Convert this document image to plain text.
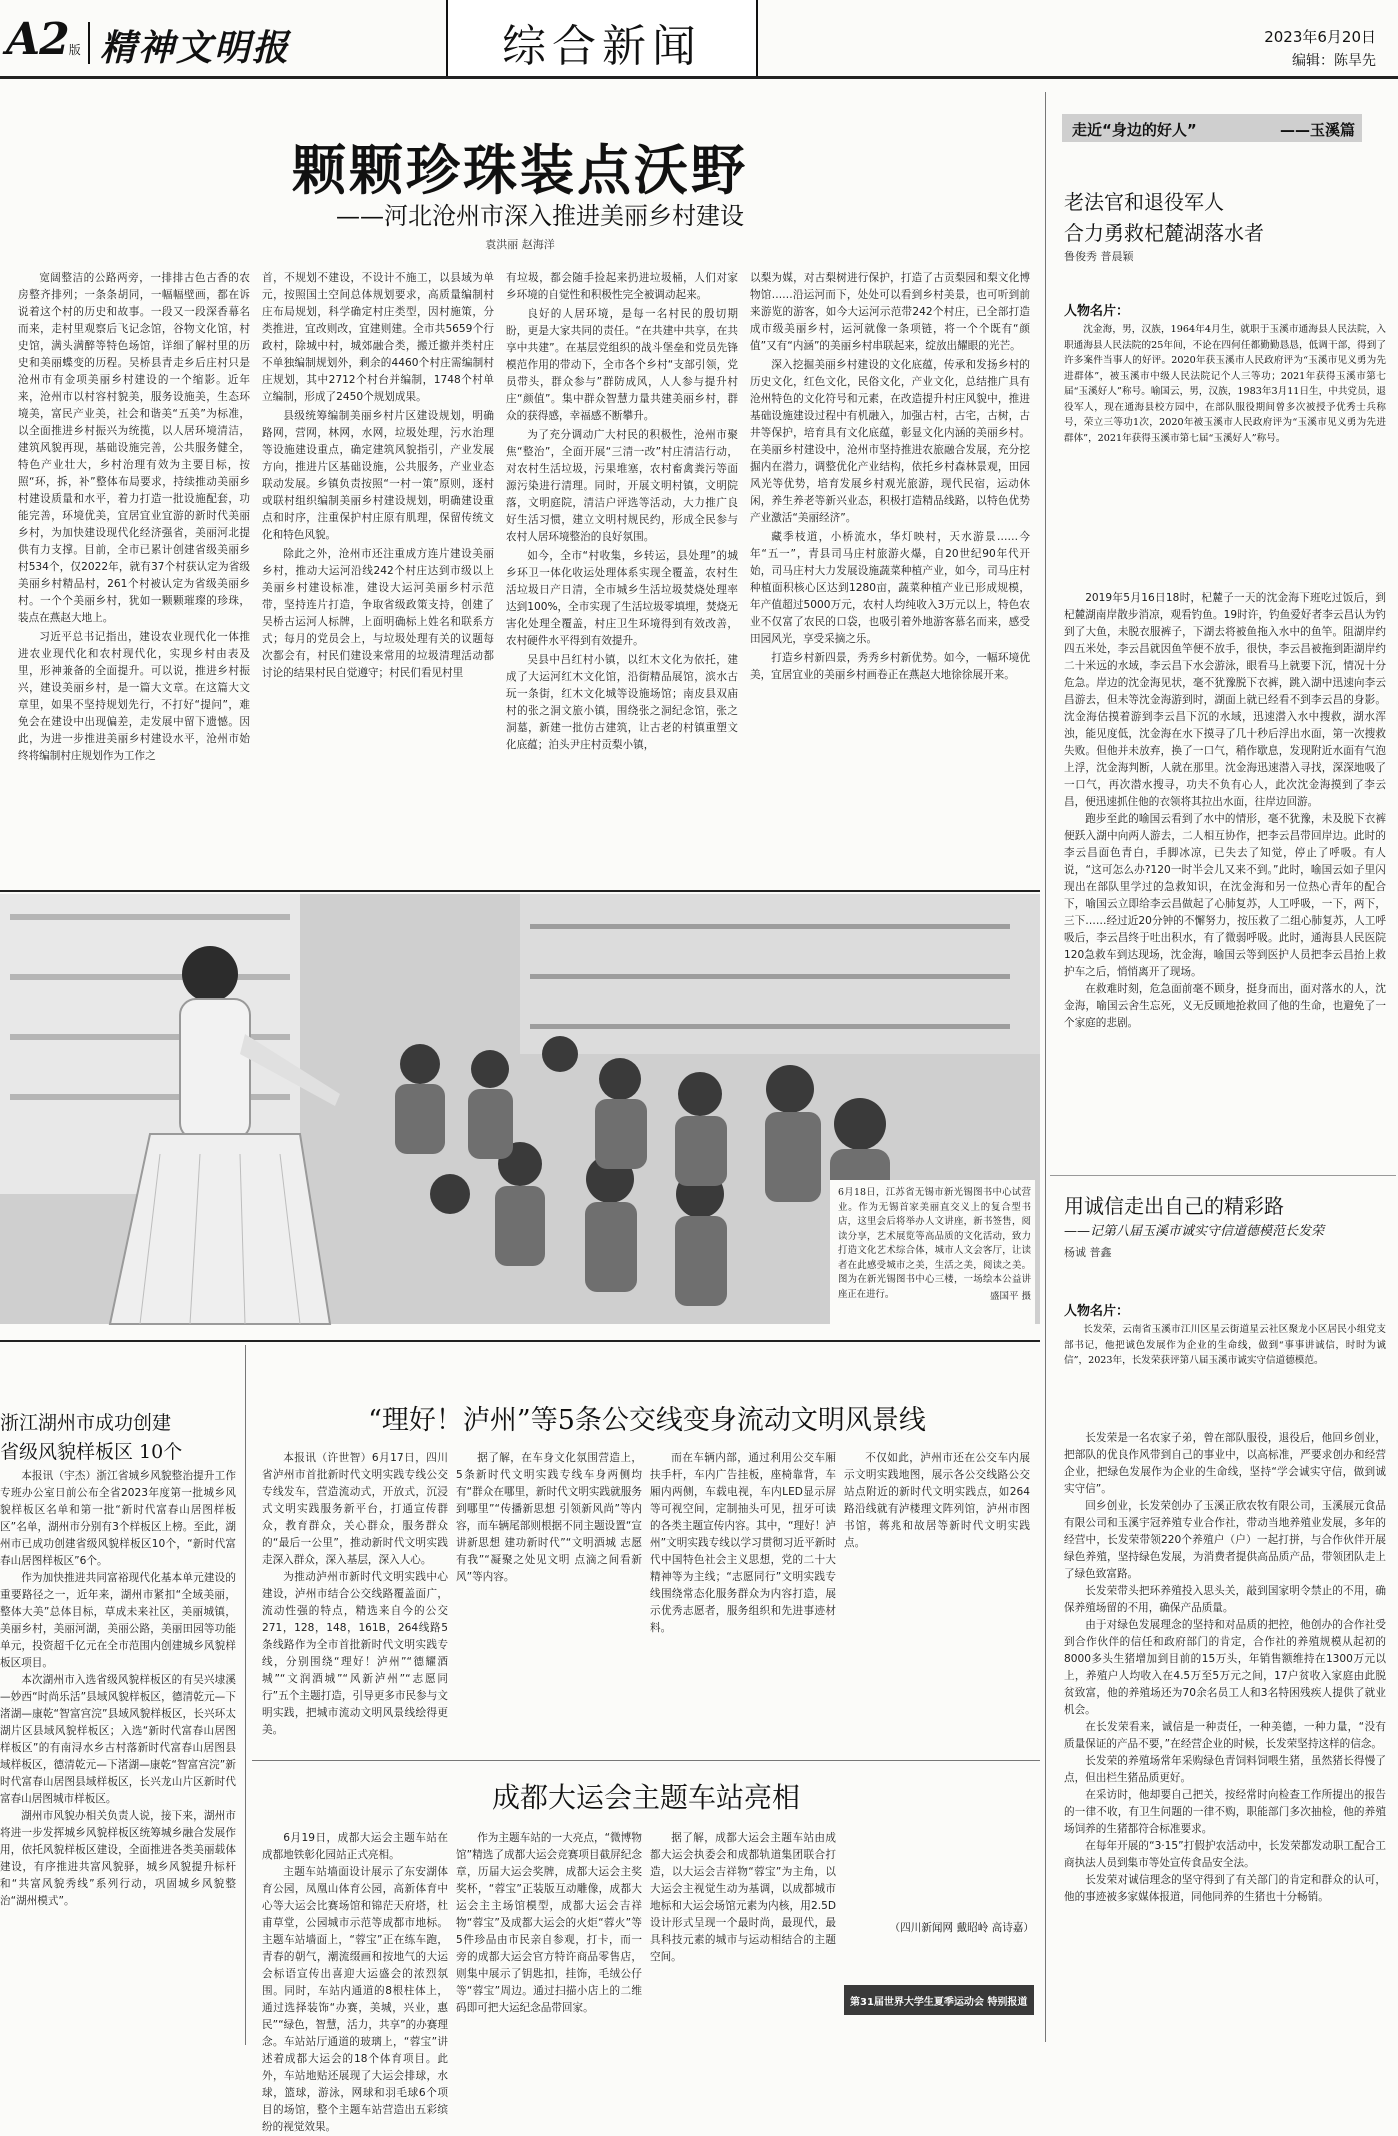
A2版 精神文明报	综合新闻	2023年6月20日
编辑：陈旱先
走近“身边的好人”	——玉溪篇
颗颗珍珠装点沃野
——河北沧州市深入推进美丽乡村建设
袁洪丽 赵海洋

宽阔整洁的公路两旁，一排排古色古香的农房整齐排列；一条条胡同，一幅幅壁画，都在诉说着这个村的历史和故事。一段又一段深香幕名而来，走村里观察后飞记念馆，谷物文化馆，村史馆，满头满醉等特色场馆，详细了解村里的历史和美丽蝶变的历程。吴桥县青走乡后庄村只是沧州市有金项美丽乡村建设的一个缩影。近年来，沧州市以村容村貌美，服务设施美，生态环境美，富民产业美，社会和谐美“五美”为标准，以全面推进乡村振兴为统揽，以人居环境清洁，建筑风貌再现，基础设施完善，公共服务健全，特色产业壮大，乡村治理有效为主要目标，按照“环，拆，补”整体布局要求，持续推动美丽乡村建设质量和水平，着力打造一批设施配套，功能完善，环境优美，宜居宜业宜游的新时代美丽乡村，为加快建设现代化经济强省，美丽河北提供有力支撑。目前，全市已累计创建省级美丽乡村534个，仅2022年，就有37个村获认定为省级美丽乡村精品村，261个村被认定为省级美丽乡村。一个个美丽乡村，犹如一颗颗璀璨的珍珠，装点在燕赵大地上。

习近平总书记指出，建设农业现代化一体推进农业现代化和农村现代化，实现乡村由表及里，形神兼备的全面提升。可以说，推进乡村振兴，建设美丽乡村，是一篇大文章。在这篇大文章里，如果不坚持规划先行，不打好“提问”，难免会在建设中出现偏差，走发展中留下遗憾。因此，为进一步推进美丽乡村建设水平，沧州市始终将编制村庄规划作为工作之

首，不规划不建设，不设计不施工，以县域为单元，按照国土空间总体规划要求，高质量编制村庄布局规划，科学确定村庄类型，因村施策，分类推进，宜改则改，宜建则建。全市共5659个行政村，除城中村，城郊融合类，搬迁撤并类村庄不单独编制规划外，剩余的4460个村庄需编制村庄规划，其中2712个村台并编制，1748个村单立编制，形成了2450个规划成果。

县级统筹编制美丽乡村片区建设规划，明确路网，营网，林网，水网，垃圾处理，污水治理等设施建设重点，确定建筑风貌指引，产业发展方向，推进片区基础设施，公共服务，产业业态联动发展。乡镇负责按照“一村一策”原则，逐村或联村组织编制美丽乡村建设规划，明确建设重点和时序，注重保护村庄原有肌理，保留传统文化和特色风貌。

除此之外，沧州市还注重成方连片建设美丽乡村，推动大运河沿线242个村庄达到市级以上美丽乡村建设标准，建设大运河美丽乡村示范带，坚持连片打造，争取省级政策支持，创建了吴桥古运河人标牌，上面明确标上姓名和联系方式；每月的党员会上，与垃圾处理有关的议题每次都会有，村民们建设来常用的垃圾清理活动都讨论的结果村民自觉遵守；村民们看见村里

有垃圾，都会随手捡起来扔进垃圾桶，人们对家乡环境的自觉性和积极性完全被调动起来。

良好的人居环境，是每一名村民的殷切期盼，更是大家共同的责任。“在共建中共享，在共享中共建”。在基层党组织的战斗堡垒和党员先锋模范作用的带动下，全市各个乡村“支部引领，党员带头，群众参与”群防成风，人人参与提升村庄“颜值”。集中群众智慧力量共建美丽乡村，群众的获得感，幸福感不断攀升。

为了充分调动广大村民的积极性，沧州市聚焦“整治”，全面开展“三清一改”村庄清洁行动，对农村生活垃圾，污果堆塞，农村畜禽粪污等面源污染进行清理。同时，开展文明村镇，文明院落，文明庭院，清洁户评选等活动，大力推广良好生活习惯，建立文明村规民约，形成全民参与农村人居环境整治的良好氛围。

如今，全市“村收集，乡转运，县处理”的城乡环卫一体化收运处理体系实现全覆盖，农村生活垃圾日产日清，全市城乡生活垃圾焚烧处理率达到100%，全市实现了生活垃圾零填埋，焚烧无害化处理全覆盖，村庄卫生环境得到有效改善，农村硬件水平得到有效提升。

吴县中吕红村小镇，以红木文化为依托，建成了大运河红木文化馆，沿街精品展馆，滨水古玩一条街，红木文化城等设施场馆；南皮县双庙村的张之洞文旅小镇，围绕张之洞纪念馆，张之洞墓，新建一批仿古建筑，让古老的村镇重塑文化底蕴；泊头尹庄村贡梨小镇，

以梨为媒，对古梨树进行保护，打造了古贡梨园和梨文化博物馆……沿运河而下，处处可以看到乡村美景，也可听到前来游览的游客，如今大运河示范带242个村庄，已全部打造成市级美丽乡村，运河就像一条项链，将一个个既有“颜值”又有“内涵”的美丽乡村串联起来，绽放出耀眼的光芒。

深入挖掘美丽乡村建设的文化底蕴，传承和发扬乡村的历史文化，红色文化，民俗文化，产业文化，总结推广具有沧州特色的文化符号和元素，在改造提升村庄风貌中，推进基础设施建设过程中有机融入，加强古村，古宅，古树，古井等保护，培育具有文化底蕴，彰显文化内涵的美丽乡村。在美丽乡村建设中，沧州市坚持推进农旅融合发展，充分挖掘内在潜力，调整优化产业结构，依托乡村森林景观，田园风光等优势，培育发展乡村观光旅游，现代民宿，运动休闲，养生养老等新兴业态，积极打造精品线路，以特色优势产业激活“美丽经济”。

藏季枝道，小桥流水，华灯映村，天水游景……今年“五一”，青县司马庄村旅游火爆，自20世纪90年代开始，司马庄村大力发展设施蔬菜种植产业，如今，司马庄村种植面积核心区达到1280亩，蔬菜种植产业已形成规模，年产值超过5000万元，农村人均纯收入3万元以上，特色农业不仅富了农民的口袋，也吸引着外地游客慕名而来，感受田园风光，享受采摘之乐。

打造乡村新四景，秀秀乡村新优势。如今，一幅环境优美，宜居宜业的美丽乡村画卷正在燕赵大地徐徐展开来。

6月18日，江苏省无锡市新光锡图书中心试营业。作为无锡首家美丽直交义上的复合型书店，这里会后将举办人文讲座，新书签售，阅读分享，艺术展览等高品质的文化活动，致力打造文化艺术综合体，城市人文会客厅，让读者在此感受城市之美，生活之美，阅读之美。图为在新光锡图书中心三楼，一场绘本公益讲座正在进行。	盛国平 摄
浙江湖州市成功创建
省级风貌样板区 10个

本报讯（宇杰）浙江省城乡风貌整治提升工作专班办公室日前公布全省2023年度第一批城乡风貌样板区名单和第一批“新时代富春山居图样板区”名单，湖州市分别有3个样板区上榜。至此，湖州市已成功创建省级风貌样板区10个，“新时代富春山居图样板区”6个。

作为加快推进共同富裕现代化基本单元建设的重要路径之一，近年来，湖州市紧扣“全域美丽，整体大美”总体目标，草成未来社区，美丽城镇，美丽乡村，美丽河湖，美丽公路，美丽田园等功能单元，投资超千亿元在全市范围内创建城乡风貌样板区项目。

本次湖州市入选省级风貌样板区的有吴兴埭溪—妙西“时尚乐活”县域风貌样板区，德清乾元—下渚湖—康乾“智富宫浣”县域风貌样板区，长兴环太湖片区县域风貌样板区；入选“新时代富春山居图样板区”的有南浔水乡古村落新时代富春山居图县域样板区，德清乾元—下渚湖—康乾“智富宫浣”新时代富春山居图县域样板区，长兴龙山片区新时代富春山居图城市样板区。

湖州市风貌办相关负责人说，接下来，湖州市将进一步发挥城乡风貌样板区统筹城乡融合发展作用，依托风貌样板区建设，全面推进各类美丽载体建设，有序推进共富风貌驿，城乡风貌提升标杆和“共富风貌秀线”系列行动，巩固城乡风貌整治“湖州模式”。

“理好！泸州”等5条公交线变身流动文明风景线

本报讯（许世智）6月17日，四川省泸州市首批新时代文明实践专线公交专线发车，营造流动式，开放式，沉浸式文明实践服务新平台，打通宣传群众，教育群众，关心群众，服务群众的“最后一公里”，推动新时代文明实践走深入群众，深入基层，深入人心。

为推动泸州市新时代文明实践中心建设，泸州市结合公交线路覆盖面广，流动性强的特点，精选来自今的公交271，128，148，161B，264线路5条线路作为全市首批新时代文明实践专线，分别围绕“理好！泸州”“德耀酒城”“文润酒城”“风新泸州”“志愿同行”五个主题打造，引导更多市民参与文明实践，把城市流动文明风景线绘得更美。

据了解，在车身文化氛围营造上，5条新时代文明实践专线车身两侧均有“群众在哪里，新时代文明实践就服务到哪里”“传播新思想 引领新风尚”等内容，而车辆尾部则根据不同主题设置“宣讲新思想 建功新时代”“文明酒城 志愿有我”“凝聚之处见文明 点滴之间看新风”等内容。

而在车辆内部，通过利用公交车厢扶手杆，车内广告挂板，座椅靠背，车厢内两侧，车载电视，车内LED显示屏等可视空间，定制抽头可见，扭牙可读的各类主题宣传内容。其中，“理好！泸州”文明实践专线以学习贯彻习近平新时代中国特色社会主义思想，党的二十大精神等为主线；“志愿同行”文明实践专线围绕常态化服务群众为内容打造，展示优秀志愿者，服务组织和先进事迹材料。

不仅如此，泸州市还在公交车内展示文明实践地图，展示各公交线路公交站点附近的新时代文明实践点，如264路沿线就有泸楼理文阵列馆，泸州市图书馆，蒋兆和故居等新时代文明实践点。

成都大运会主题车站亮相

6月19日，成都大运会主题车站在成都地铁彰化园站正式亮相。

主题车站墙面设计展示了东安湖体育公园，凤凰山体育公园，高新体育中心等大运会比赛场馆和锦茫天府塔，杜甫草堂，公园城市示范等成都市地标。主题车站墙面上，“蓉宝”正在练车跑，青春的朝气，潮流缀画和按地气的大运会标语宣传出喜迎大运盛会的浓烈氛围。同时，车站内通道的8根柱体上，通过选择装饰“办赛，美城，兴业，惠民”“绿色，智慧，活力，共享”的办赛理念。车站站厅通道的玻璃上，“蓉宝”讲述着成都大运会的18个体育项目。此外，车站地贴还展现了大运会排球，水球，篮球，游泳，网球和羽毛球6个项目的场馆，整个主题车站营造出五彩缤纷的视觉效果。

作为主题车站的一大亮点，“微博物馆”精选了成都大运会竞赛项目截屏纪念章，历届大运会奖牌，成都大运会主奖奖杯，“蓉宝”正装版互动雕像，成都大运会主主场馆模型，成都大运会吉祥物“蓉宝”及成都大运会的火炬“蓉火”等5件珍品由市民亲自参观，打卡，而一旁的成都大运会官方特许商品零售店，则集中展示了钥匙扣，挂饰，毛绒公仔等“蓉宝”周边。通过扫描小店上的二维码即可把大运纪念品带回家。

据了解，成都大运会主题车站由成都大运会执委会和成都轨道集团联合打造，以大运会吉祥物“蓉宝”为主角，以大运会主视觉生动为基调，以成都城市地标和大运会场馆元素为内核，用2.5D设计形式呈现一个最时尚，最现代，最具科技元素的城市与运动相结合的主题空间。

（四川新闻网 戴昭岭 高诗嘉）
第31届世界大学生夏季运动会 特别报道
老法官和退役军人
合力勇救杞麓湖落水者
鲁俊秀 普晨颖
人物名片：
沈金海，男，汉族，1964年4月生，就职于玉溪市通海县人民法院，入职通海县人民法院的25年间，不论在四何任都勤勤恳恳，低调干部，得到了许多案件当事人的好评。2020年获玉溪市人民政府评为“玉溪市见义勇为先进群体”，被玉溪市中级人民法院记个人三等功；2021年获得玉溪市第七届“玉溪好人”称号。喻国云，男，汉族，1983年3月11日生，中共党员，退役军人，现在通海县校方园中，在部队服役期间曾多次被授予优秀士兵称号，荣立三等功1次，2020年被玉溪市人民政府评为“玉溪市见义勇为先进群体”，2021年获得玉溪市第七届“玉溪好人”称号。

2019年5月16日18时，杞麓子一天的沈金海下班吃过饭后，到杞麓湖南岸散步消凉，观看钓鱼。19时许，钓鱼爱好者李云昌认为钓到了大鱼，未脱衣服裤子，下湖去将被鱼拖入水中的鱼竿。阻湖岸约四五米处，李云昌就因鱼竿便不放手，很快，李云昌被拖到距湖岸约二十米远的水域，李云昌下水会游泳，眼看马上就要下沉，情况十分危急。岸边的沈金海见状，毫不犹豫脱下衣裤，跳入湖中迅速向李云昌游去，但未等沈金海游到时，湖面上就已经看不到李云昌的身影。沈金海估摸着游到李云昌下沉的水域，迅速潜入水中搜救，湖水浑浊，能见度低，沈金海在水下摸寻了几十秒后浮出水面，第一次搜救失败。但他并未放弃，换了一口气，稍作歇息，发现附近水面有气泡上浮，沈金海判断，人就在那里。沈金海迅速潜入寻找，深深地吸了一口气，再次潜水搜寻，功夫不负有心人，此次沈金海摸到了李云昌，便迅速抓住他的衣领将其拉出水面，往岸边回游。

跑步至此的喻国云看到了水中的情形，毫不犹豫，未及脱下衣裤便跃入湖中向两人游去，二人相互协作，把李云昌带回岸边。此时的李云昌面色青白，手脚冰凉，已失去了知觉，停止了呼吸。有人说，“这可怎么办?120一时半会儿又来不到。”此时，喻国云如子里闪现出在部队里学过的急救知识，在沈金海和另一位热心青年的配合下，喻国云立即给李云昌做起了心肺复苏，人工呼吸，一下，两下，三下……经过近20分钟的不懈努力，按压救了二组心肺复苏，人工呼吸后，李云昌终于吐出积水，有了微弱呼吸。此时，通海县人民医院120急救车到达现场，沈金海，喻国云等到医护人员把李云昌抬上救护车之后，悄悄离开了现场。

在救难时刻，危急面前毫不顾身，挺身而出，面对落水的人，沈金海，喻国云舍生忘死，义无反顾地抢救回了他的生命，也避免了一个家庭的悲剧。

用诚信走出自己的精彩路
——记第八届玉溪市诚实守信道德模范长发荣
杨诚 普鑫
人物名片：
长发荣，云南省玉溪市江川区星云街道星云社区聚龙小区居民小组党支部书记，他把诚色发展作为企业的生命线，做到“事事讲诚信，时时为诚信”，2023年，长发荣获评第八届玉溪市诚实守信道德模范。

长发荣是一名农家子弟，曾在部队服役，退役后，他回乡创业，把部队的优良作风带到自己的事业中，以高标准，严要求创办和经营企业，把绿色发展作为企业的生命线，坚持“学会诚实守信，做到诚实守信”。

回乡创业，长发荣创办了玉溪正欣农牧有限公司，玉溪展元食品有限公司和玉溪宇冠养殖专业合作社，带动当地养殖业发展，多年的经营中，长发荣带领220个养殖户（户）一起打拼，与合作伙伴开展绿色养殖，坚持绿色发展，为消费者提供高品质产品，带领团队走上了绿色致富路。

长发荣带头把环养殖投入思头关，敲到国家明令禁止的不用，确保养殖场留的不用，确保产品质量。

由于对绿色发展理念的坚持和对品质的把控，他创办的合作社受到合作伙伴的信任和政府部门的肯定，合作社的养殖规模从起初的8000多头生猪增加到目前的15万头，年销售额维持在1300万元以上，养殖户人均收入在4.5万至5万元之间，17户贫收入家庭由此脱贫致富，他的养殖场还为70余名员工人和3名特困残疾人提供了就业机会。

在长发荣看来，诚信是一种责任，一种美德，一种力量，“没有质量保证的产品不要，”在经营企业的时候，长发荣坚持这样的信念。

长发荣的养殖场常年采购绿色青饲料饲喂生猪，虽然猪长得慢了点，但出栏生猪品质更好。

在采访时，他却要自己把关，按经常时向检查工作所提出的报告的一律不收，有卫生问题的一律不购，职能部门多次抽检，他的养殖场饲养的生猪都符合标准要求。

在每年开展的“3·15”打假护农活动中，长发荣都发动职工配合工商执法人员到集市等处宣传食品安全法。

长发荣对诚信理念的坚守得到了有关部门的肯定和群众的认可，他的事迹被多家媒体报道，同他同养的生猪也十分畅销。
